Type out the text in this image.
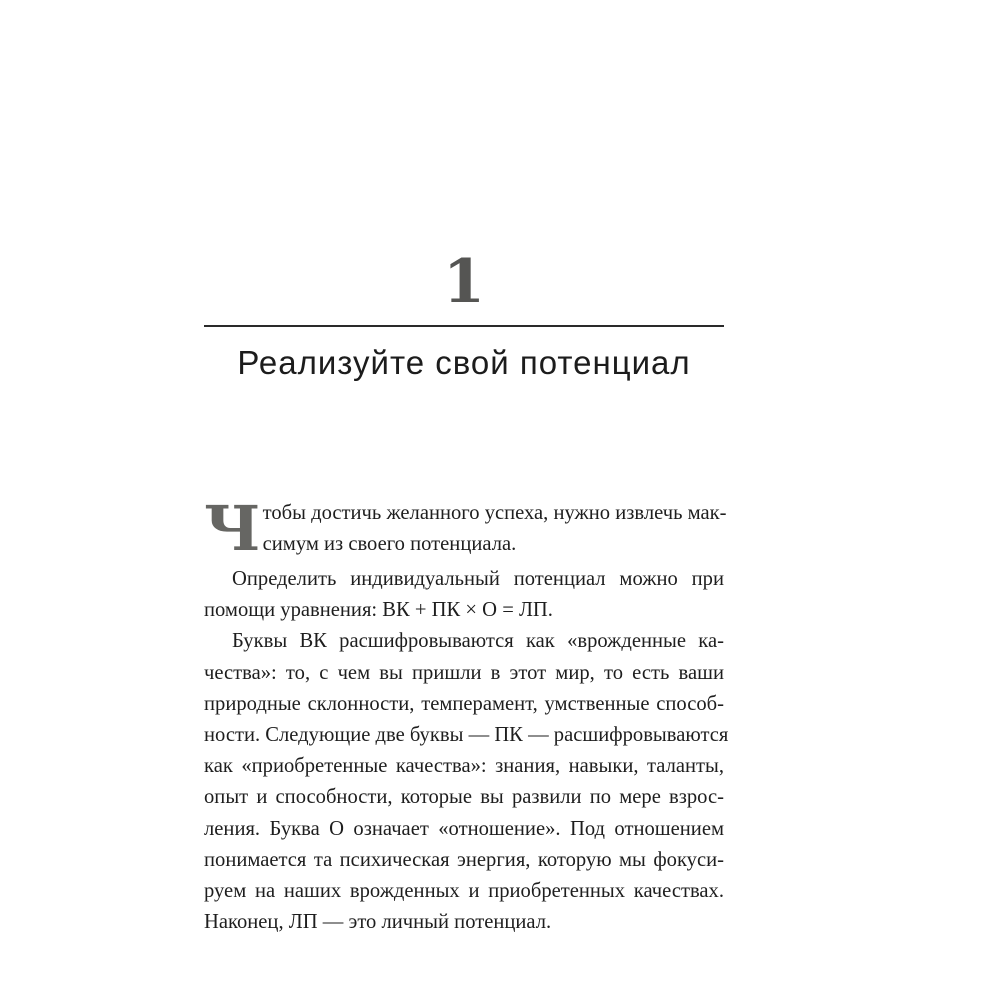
1
Реализуйте свой потенциал
Ч тобы достичь желанного успеха, нужно извлечь мак-
симум из своего потенциала.
Определить индивидуальный потенциал можно при
помощи уравнения: ВК + ПК × О = ЛП.
Буквы ВК расшифровываются как «врожденные ка-
чества»: то, с чем вы пришли в этот мир, то есть ваши
природные склонности, темперамент, умственные способ-
ности. Следующие две буквы — ПК — расшифровываются
как «приобретенные качества»: знания, навыки, таланты,
опыт и способности, которые вы развили по мере взрос-
ления. Буква О означает «отношение». Под отношением
понимается та психическая энергия, которую мы фокуси-
руем на наших врожденных и приобретенных качествах.
Наконец, ЛП — это личный потенциал.
